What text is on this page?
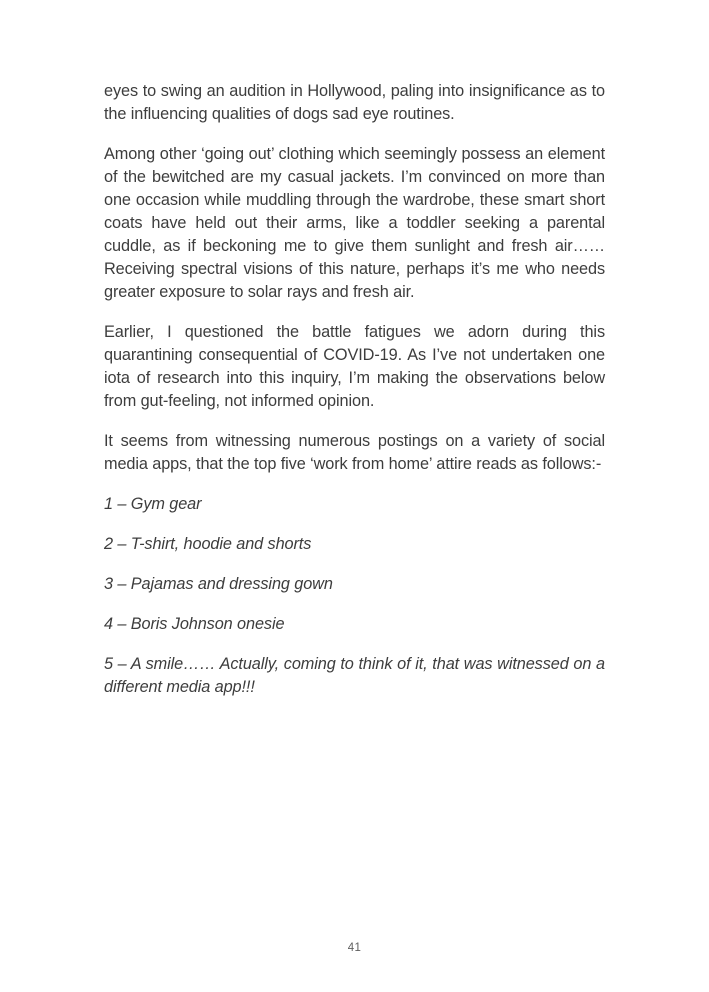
eyes to swing an audition in Hollywood, paling into insignificance as to the influencing qualities of dogs sad eye routines.

Among other ‘going out’ clothing which seemingly possess an element of the bewitched are my casual jackets. I’m convinced on more than one occasion while muddling through the wardrobe, these smart short coats have held out their arms, like a toddler seeking a parental cuddle, as if beckoning me to give them sunlight and fresh air…… Receiving spectral visions of this nature, perhaps it’s me who needs greater exposure to solar rays and fresh air.

Earlier, I questioned the battle fatigues we adorn during this quarantining consequential of COVID-19. As I’ve not undertaken one iota of research into this inquiry, I’m making the observations below from gut-feeling, not informed opinion.

It seems from witnessing numerous postings on a variety of social media apps, that the top five ‘work from home’ attire reads as follows:-

1 – Gym gear

2 – T-shirt, hoodie and shorts

3 – Pajamas and dressing gown

4 – Boris Johnson onesie

5 – A smile…… Actually, coming to think of it, that was witnessed on a different media app!!!

41
